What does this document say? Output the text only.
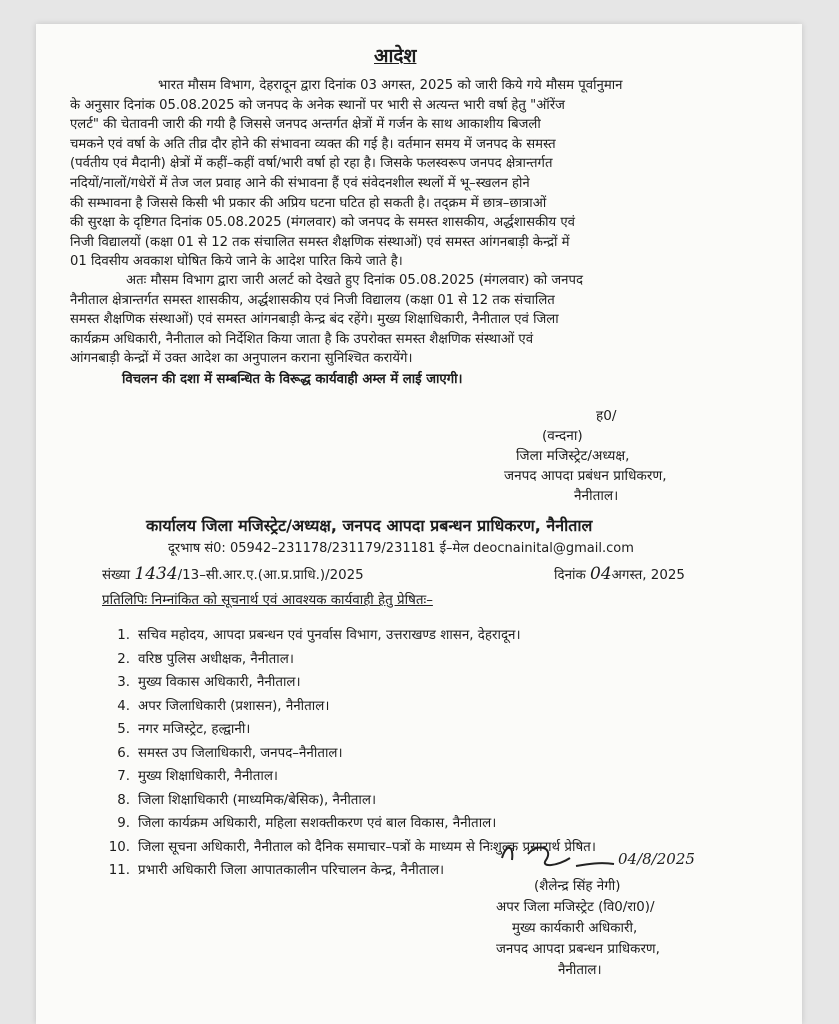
आदेश
भारत मौसम विभाग, देहरादून द्वारा दिनांक 03 अगस्त, 2025 को जारी किये गये मौसम पूर्वानुमान
के अनुसार दिनांक 05.08.2025 को जनपद के अनेक स्थानों पर भारी से अत्यन्त भारी वर्षा हेतु "ऑरेंज
एलर्ट" की चेतावनी जारी की गयी है जिससे जनपद अन्तर्गत क्षेत्रों में गर्जन के साथ आकाशीय बिजली
चमकने एवं वर्षा के अति तीव्र दौर होने की संभावना व्यक्त की गई है। वर्तमान समय में जनपद के समस्त
(पर्वतीय एवं मैदानी) क्षेत्रों में कहीं–कहीं वर्षा/भारी वर्षा हो रहा है। जिसके फलस्वरूप जनपद क्षेत्रान्तर्गत
नदियों/नालों/गधेरों में तेज जल प्रवाह आने की संभावना हैं एवं संवेदनशील स्थलों में भू–स्खलन होने
की सम्भावना है जिससे किसी भी प्रकार की अप्रिय घटना घटित हो सकती है। तद्क्रम में छात्र–छात्राओं
की सुरक्षा के दृष्टिगत दिनांक 05.08.2025 (मंगलवार) को जनपद के समस्त शासकीय, अर्द्धशासकीय एवं
निजी विद्यालयों (कक्षा 01 से 12 तक संचालित समस्त शैक्षणिक संस्थाओं) एवं समस्त आंगनबाड़ी केन्द्रों में
01 दिवसीय अवकाश घोषित किये जाने के आदेश पारित किये जाते है।
अतः मौसम विभाग द्वारा जारी अलर्ट को देखते हुए दिनांक 05.08.2025 (मंगलवार) को जनपद
नैनीताल क्षेत्रान्तर्गत समस्त शासकीय, अर्द्धशासकीय एवं निजी विद्यालय (कक्षा 01 से 12 तक संचालित
समस्त शैक्षणिक संस्थाओं) एवं समस्त आंगनबाड़ी केन्द्र बंद रहेंगे। मुख्य शिक्षाधिकारी, नैनीताल एवं जिला
कार्यक्रम अधिकारी, नैनीताल को निर्देशित किया जाता है कि उपरोक्त समस्त शैक्षणिक संस्थाओं एवं
आंगनबाड़ी केन्द्रों में उक्त आदेश का अनुपालन कराना सुनिश्चित करायेंगे।
विचलन की दशा में सम्बन्धित के विरूद्ध कार्यवाही अम्ल में लाई जाएगी।
ह0/
(वन्दना)
जिला मजिस्ट्रेट/अध्यक्ष,
जनपद आपदा प्रबंधन प्राधिकरण,
नैनीताल।
कार्यालय जिला मजिस्ट्रेट/अध्यक्ष, जनपद आपदा प्रबन्धन प्राधिकरण, नैनीताल
दूरभाष सं0: 05942–231178/231179/231181 ई–मेल deocnainital@gmail.com
संख्या 1434/13–सी.आर.ए.(आ.प्र.प्राधि.)/2025	दिनांक 04अगस्त, 2025
प्रतिलिपिः निम्नांकित को सूचनार्थ एवं आवश्यक कार्यवाही हेतु प्रेषितः–
1. सचिव महोदय, आपदा प्रबन्धन एवं पुनर्वास विभाग, उत्तराखण्ड शासन, देहरादून।
2. वरिष्ठ पुलिस अधीक्षक, नैनीताल।
3. मुख्य विकास अधिकारी, नैनीताल।
4. अपर जिलाधिकारी (प्रशासन), नैनीताल।
5. नगर मजिस्ट्रेट, हल्द्वानी।
6. समस्त उप जिलाधिकारी, जनपद–नैनीताल।
7. मुख्य शिक्षाधिकारी, नैनीताल।
8. जिला शिक्षाधिकारी (माध्यमिक/बेसिक), नैनीताल।
9. जिला कार्यक्रम अधिकारी, महिला सशक्तीकरण एवं बाल विकास, नैनीताल।
10. जिला सूचना अधिकारी, नैनीताल को दैनिक समाचार–पत्रों के माध्यम से निःशुल्क प्रसारार्थ प्रेषित।
11. प्रभारी अधिकारी जिला आपातकालीन परिचालन केन्द्र, नैनीताल।
04/8/2025
(शैलेन्द्र सिंह नेगी)
अपर जिला मजिस्ट्रेट (वि0/रा0)/
मुख्य कार्यकारी अधिकारी,
जनपद आपदा प्रबन्धन प्राधिकरण,
नैनीताल।
